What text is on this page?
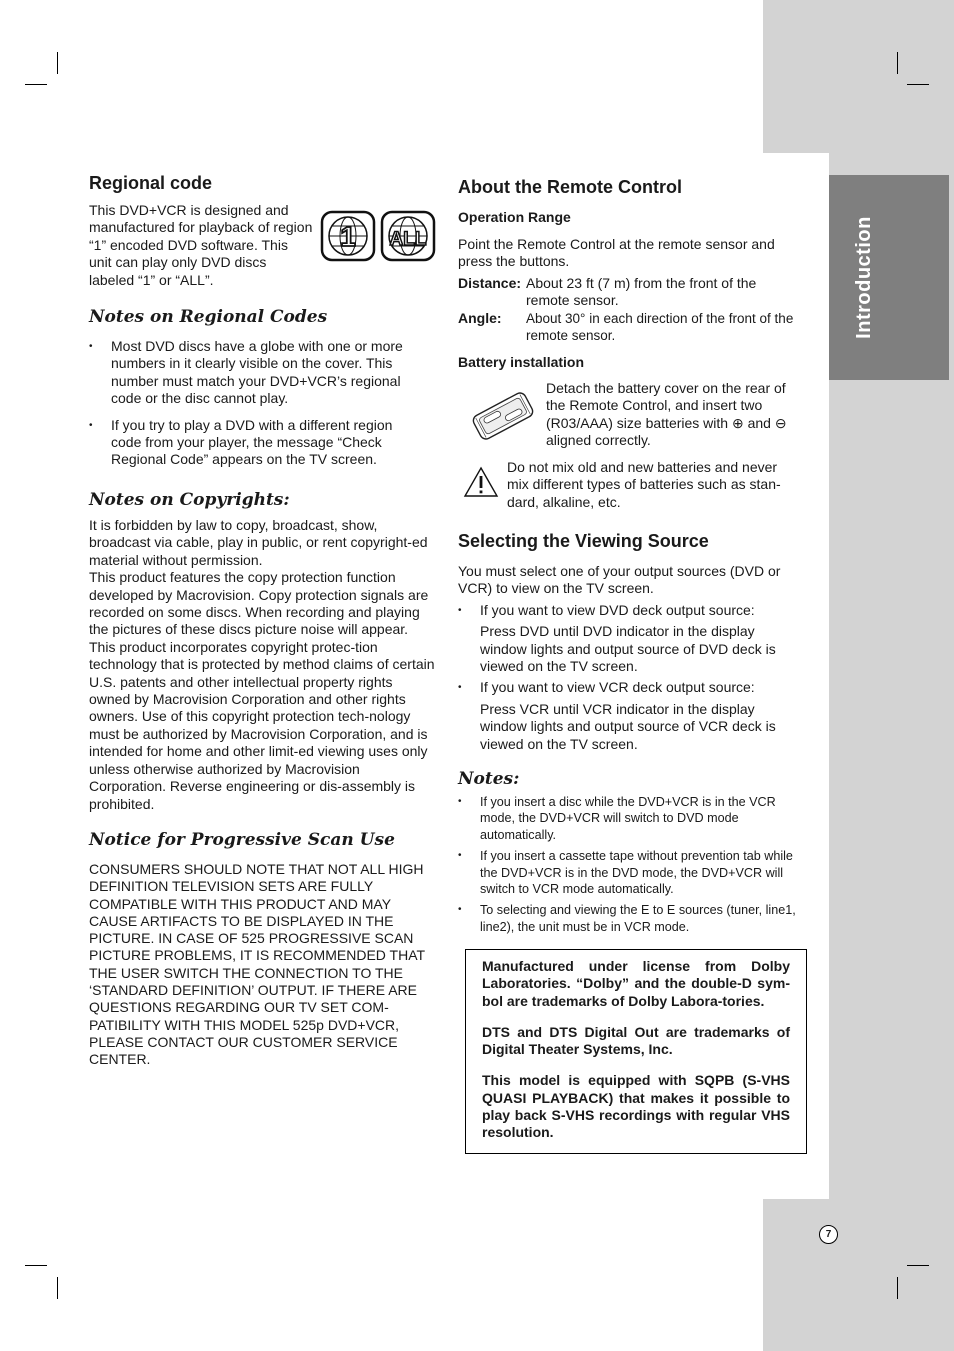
Introduction
7
Regional code

This DVD+VCR is designed and manufactured for playback of region “1” encoded DVD software. This unit can play only DVD discs labeled “1” or “ALL”.

1 ALL
Notes on Regional Codes
• Most DVD discs have a globe with one or more numbers in it clearly visible on the cover. This number must match your DVD+VCR’s regional code or the disc cannot play.
• If you try to play a DVD with a different region code from your player, the message “Check Regional Code” appears on the TV screen.
Notes on Copyrights:

It is forbidden by law to copy, broadcast, show, broadcast via cable, play in public, or rent copyright-ed material without permission.

This product features the copy protection function developed by Macrovision. Copy protection signals are recorded on some discs. When recording and playing the pictures of these discs picture noise will appear. This product incorporates copyright protec-tion technology that is protected by method claims of certain U.S. patents and other intellectual property rights owned by Macrovision Corporation and other rights owners. Use of this copyright protection tech-nology must be authorized by Macrovision Corporation, and is intended for home and other limit-ed viewing uses only unless otherwise authorized by Macrovision Corporation. Reverse engineering or dis-assembly is prohibited.

Notice for Progressive Scan Use

CONSUMERS SHOULD NOTE THAT NOT ALL HIGH DEFINITION TELEVISION SETS ARE FULLY COMPATIBLE WITH THIS PRODUCT AND MAY CAUSE ARTIFACTS TO BE DISPLAYED IN THE PICTURE. IN CASE OF 525 PROGRESSIVE SCAN PICTURE PROBLEMS, IT IS RECOMMENDED THAT THE USER SWITCH THE CONNECTION TO THE ‘STANDARD DEFINITION’ OUTPUT. IF THERE ARE QUESTIONS REGARDING OUR TV SET COM-PATIBILITY WITH THIS MODEL 525p DVD+VCR, PLEASE CONTACT OUR CUSTOMER SERVICE CENTER.

About the Remote Control
Operation Range

Point the Remote Control at the remote sensor and press the buttons.

Distance: About 23 ft (7 m) from the front of the remote sensor.
Angle:	About 30° in each direction of the front of the remote sensor.
Battery installation

Detach the battery cover on the rear of the Remote Control, and insert two (R03/AAA) size batteries with ⊕ and ⊖ aligned correctly.

Do not mix old and new batteries and never mix different types of batteries such as stan-dard, alkaline, etc.

Selecting the Viewing Source

You must select one of your output sources (DVD or VCR) to view on the TV screen.

• If you want to view DVD deck output source:

Press DVD until DVD indicator in the display window lights and output source of DVD deck is viewed on the TV screen.

• If you want to view VCR deck output source:

Press VCR until VCR indicator in the display window lights and output source of VCR deck is viewed on the TV screen.

Notes:
• If you insert a disc while the DVD+VCR is in the VCR mode, the DVD+VCR will switch to DVD mode automatically.
• If you insert a cassette tape without prevention tab while the DVD+VCR is in the DVD mode, the DVD+VCR will switch to VCR mode automatically.
• To selecting and viewing the E to E sources (tuner, line1, line2), the unit must be in VCR mode.

Manufactured under license from Dolby Laboratories. “Dolby” and the double-D sym-bol are trademarks of Dolby Labora-tories.

DTS and DTS Digital Out are trademarks of Digital Theater Systems, Inc.

This model is equipped with SQPB (S-VHS QUASI PLAYBACK) that makes it possible to play back S-VHS recordings with regular VHS resolution.
